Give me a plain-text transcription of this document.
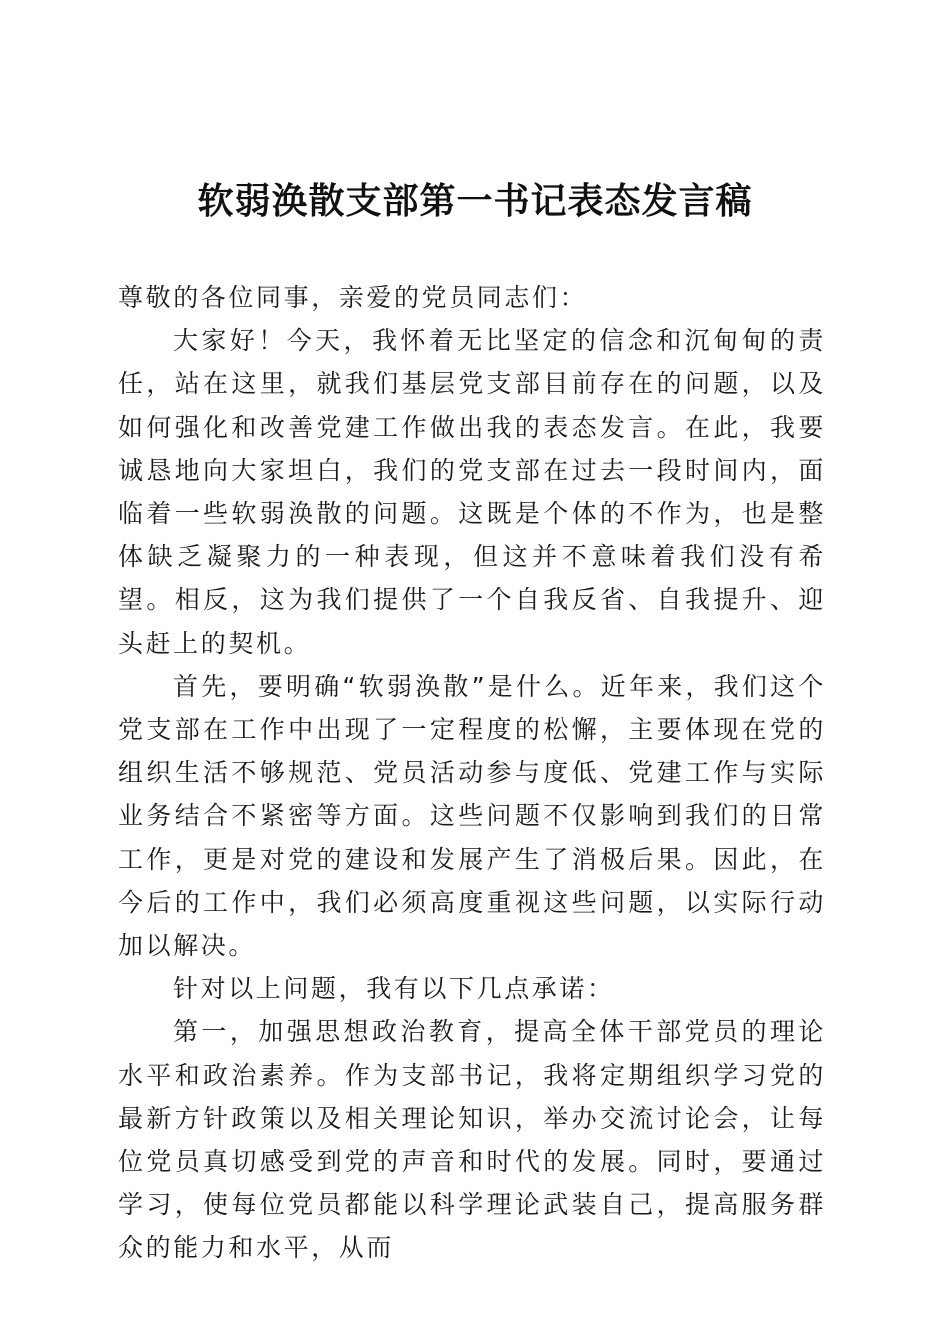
软弱涣散支部第一书记表态发言稿

尊敬的各位同事，亲爱的党员同志们：

大家好！今天，我怀着无比坚定的信念和沉甸甸的责任，站在这里，就我们基层党支部目前存在的问题，以及如何强化和改善党建工作做出我的表态发言。在此，我要诚恳地向大家坦白，我们的党支部在过去一段时间内，面临着一些软弱涣散的问题。这既是个体的不作为，也是整体缺乏凝聚力的一种表现，但这并不意味着我们没有希望。相反，这为我们提供了一个自我反省、自我提升、迎头赶上的契机。

首先，要明确“软弱涣散”是什么。近年来，我们这个党支部在工作中出现了一定程度的松懈，主要体现在党的组织生活不够规范、党员活动参与度低、党建工作与实际业务结合不紧密等方面。这些问题不仅影响到我们的日常工作，更是对党的建设和发展产生了消极后果。因此，在今后的工作中，我们必须高度重视这些问题，以实际行动加以解决。

针对以上问题，我有以下几点承诺：

第一，加强思想政治教育，提高全体干部党员的理论水平和政治素养。作为支部书记，我将定期组织学习党的最新方针政策以及相关理论知识，举办交流讨论会，让每位党员真切感受到党的声音和时代的发展。同时，要通过学习，使每位党员都能以科学理论武装自己，提高服务群众的能力和水平，从而
